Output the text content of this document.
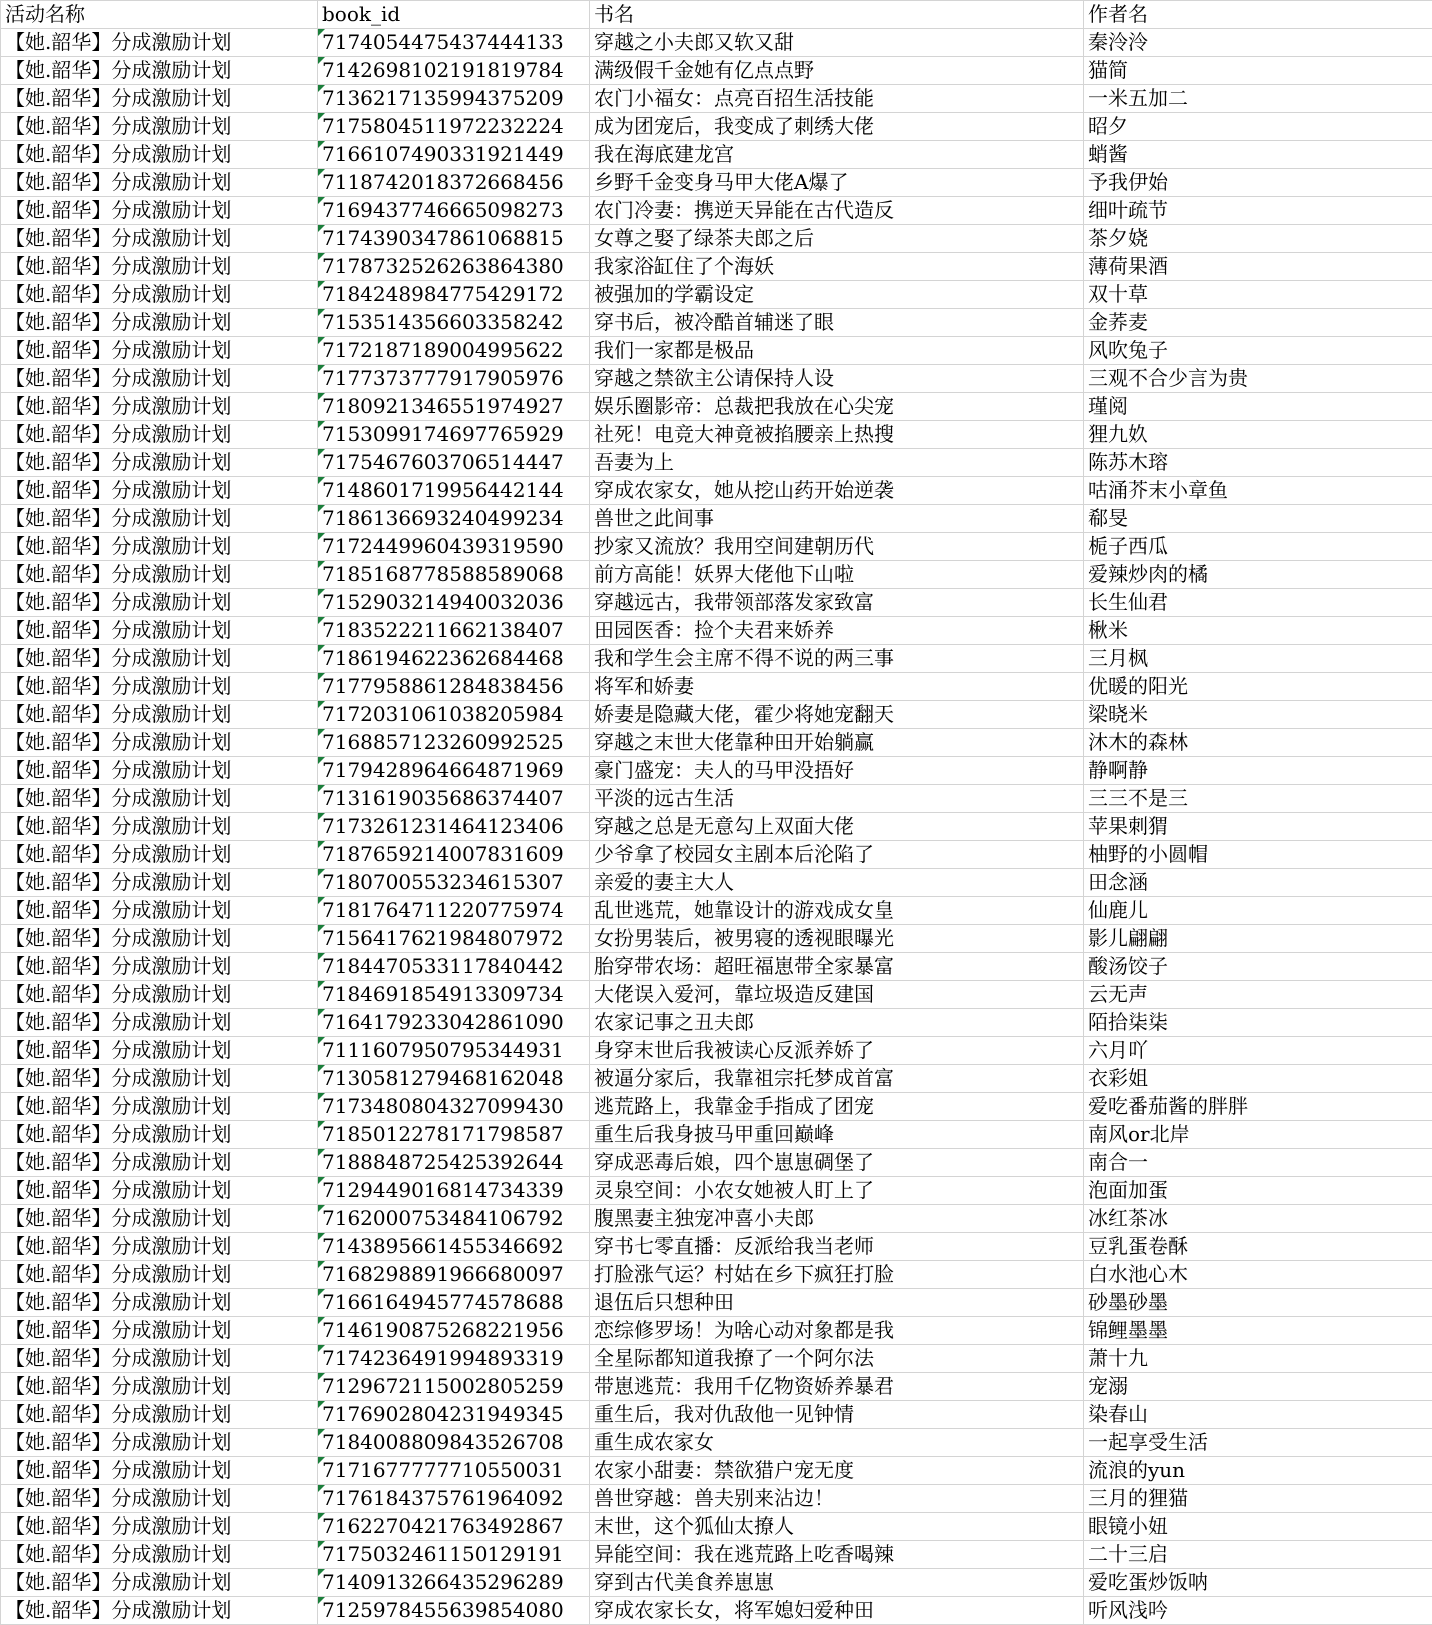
活动名称	book_id	书名	作者名
【她.韶华】分成激励计划	7174054475437444133	穿越之小夫郎又软又甜	秦泠泠
【她.韶华】分成激励计划	7142698102191819784	满级假千金她有亿点点野	猫简
【她.韶华】分成激励计划	7136217135994375209	农门小福女：点亮百招生活技能	一米五加二
【她.韶华】分成激励计划	7175804511972232224	成为团宠后，我变成了刺绣大佬	昭夕
【她.韶华】分成激励计划	7166107490331921449	我在海底建龙宫	蛸酱
【她.韶华】分成激励计划	7118742018372668456	乡野千金变身马甲大佬A爆了	予我伊始
【她.韶华】分成激励计划	7169437746665098273	农门冷妻：携逆天异能在古代造反	细叶疏节
【她.韶华】分成激励计划	7174390347861068815	女尊之娶了绿茶夫郎之后	茶夕娆
【她.韶华】分成激励计划	7178732526263864380	我家浴缸住了个海妖	薄荷果酒
【她.韶华】分成激励计划	7184248984775429172	被强加的学霸设定	双十草
【她.韶华】分成激励计划	7153514356603358242	穿书后，被冷酷首辅迷了眼	金荞麦
【她.韶华】分成激励计划	7172187189004995622	我们一家都是极品	风吹兔子
【她.韶华】分成激励计划	7177373777917905976	穿越之禁欲主公请保持人设	三观不合少言为贵
【她.韶华】分成激励计划	7180921346551974927	娱乐圈影帝：总裁把我放在心尖宠	瑾阅
【她.韶华】分成激励计划	7153099174697765929	社死！电竞大神竟被掐腰亲上热搜	狸九奺
【她.韶华】分成激励计划	7175467603706514447	吾妻为上	陈苏木瑢
【她.韶华】分成激励计划	7148601719956442144	穿成农家女，她从挖山药开始逆袭	咕涌芥末小章鱼
【她.韶华】分成激励计划	7186136693240499234	兽世之此间事	郗旻
【她.韶华】分成激励计划	7172449960439319590	抄家又流放？我用空间建朝历代	栀子西瓜
【她.韶华】分成激励计划	7185168778588589068	前方高能！妖界大佬他下山啦	爱辣炒肉的橘
【她.韶华】分成激励计划	7152903214940032036	穿越远古，我带领部落发家致富	长生仙君
【她.韶华】分成激励计划	7183522211662138407	田园医香：捡个夫君来娇养	楸米
【她.韶华】分成激励计划	7186194622362684468	我和学生会主席不得不说的两三事	三月枫
【她.韶华】分成激励计划	7177958861284838456	将军和娇妻	优暖的阳光
【她.韶华】分成激励计划	7172031061038205984	娇妻是隐藏大佬，霍少将她宠翻天	梁晓米
【她.韶华】分成激励计划	7168857123260992525	穿越之末世大佬靠种田开始躺赢	沐木的森林
【她.韶华】分成激励计划	7179428964664871969	豪门盛宠：夫人的马甲没捂好	静啊静
【她.韶华】分成激励计划	7131619035686374407	平淡的远古生活	三三不是三
【她.韶华】分成激励计划	7173261231464123406	穿越之总是无意勾上双面大佬	苹果刺猬
【她.韶华】分成激励计划	7187659214007831609	少爷拿了校园女主剧本后沦陷了	柚野的小圆帽
【她.韶华】分成激励计划	7180700553234615307	亲爱的妻主大人	田念涵
【她.韶华】分成激励计划	7181764711220775974	乱世逃荒，她靠设计的游戏成女皇	仙鹿儿
【她.韶华】分成激励计划	7156417621984807972	女扮男装后，被男寝的透视眼曝光	影儿翩翩
【她.韶华】分成激励计划	7184470533117840442	胎穿带农场：超旺福崽带全家暴富	酸汤饺子
【她.韶华】分成激励计划	7184691854913309734	大佬误入爱河，靠垃圾造反建国	云无声
【她.韶华】分成激励计划	7164179233042861090	农家记事之丑夫郎	陌拾柒柒
【她.韶华】分成激励计划	7111607950795344931	身穿末世后我被读心反派养娇了	六月吖
【她.韶华】分成激励计划	7130581279468162048	被逼分家后，我靠祖宗托梦成首富	衣彩姐
【她.韶华】分成激励计划	7173480804327099430	逃荒路上，我靠金手指成了团宠	爱吃番茄酱的胖胖
【她.韶华】分成激励计划	7185012278171798587	重生后我身披马甲重回巅峰	南风or北岸
【她.韶华】分成激励计划	7188848725425392644	穿成恶毒后娘，四个崽崽碉堡了	南合一
【她.韶华】分成激励计划	7129449016814734339	灵泉空间：小农女她被人盯上了	泡面加蛋
【她.韶华】分成激励计划	7162000753484106792	腹黑妻主独宠冲喜小夫郎	冰红茶冰
【她.韶华】分成激励计划	7143895661455346692	穿书七零直播：反派给我当老师	豆乳蛋卷酥
【她.韶华】分成激励计划	7168298891966680097	打脸涨气运？村姑在乡下疯狂打脸	白水池心木
【她.韶华】分成激励计划	7166164945774578688	退伍后只想种田	砂墨砂墨
【她.韶华】分成激励计划	7146190875268221956	恋综修罗场！为啥心动对象都是我	锦鲤墨墨
【她.韶华】分成激励计划	7174236491994893319	全星际都知道我撩了一个阿尔法	萧十九
【她.韶华】分成激励计划	7129672115002805259	带崽逃荒：我用千亿物资娇养暴君	宠溺
【她.韶华】分成激励计划	7176902804231949345	重生后，我对仇敌他一见钟情	染春山
【她.韶华】分成激励计划	7184008809843526708	重生成农家女	一起享受生活
【她.韶华】分成激励计划	7171677777710550031	农家小甜妻：禁欲猎户宠无度	流浪的yun
【她.韶华】分成激励计划	7176184375761964092	兽世穿越：兽夫别来沾边！	三月的狸猫
【她.韶华】分成激励计划	7162270421763492867	末世，这个狐仙太撩人	眼镜小妞
【她.韶华】分成激励计划	7175032461150129191	异能空间：我在逃荒路上吃香喝辣	二十三启
【她.韶华】分成激励计划	7140913266435296289	穿到古代美食养崽崽	爱吃蛋炒饭呐
【她.韶华】分成激励计划	7125978455639854080	穿成农家长女，将军媳妇爱种田	听风浅吟
